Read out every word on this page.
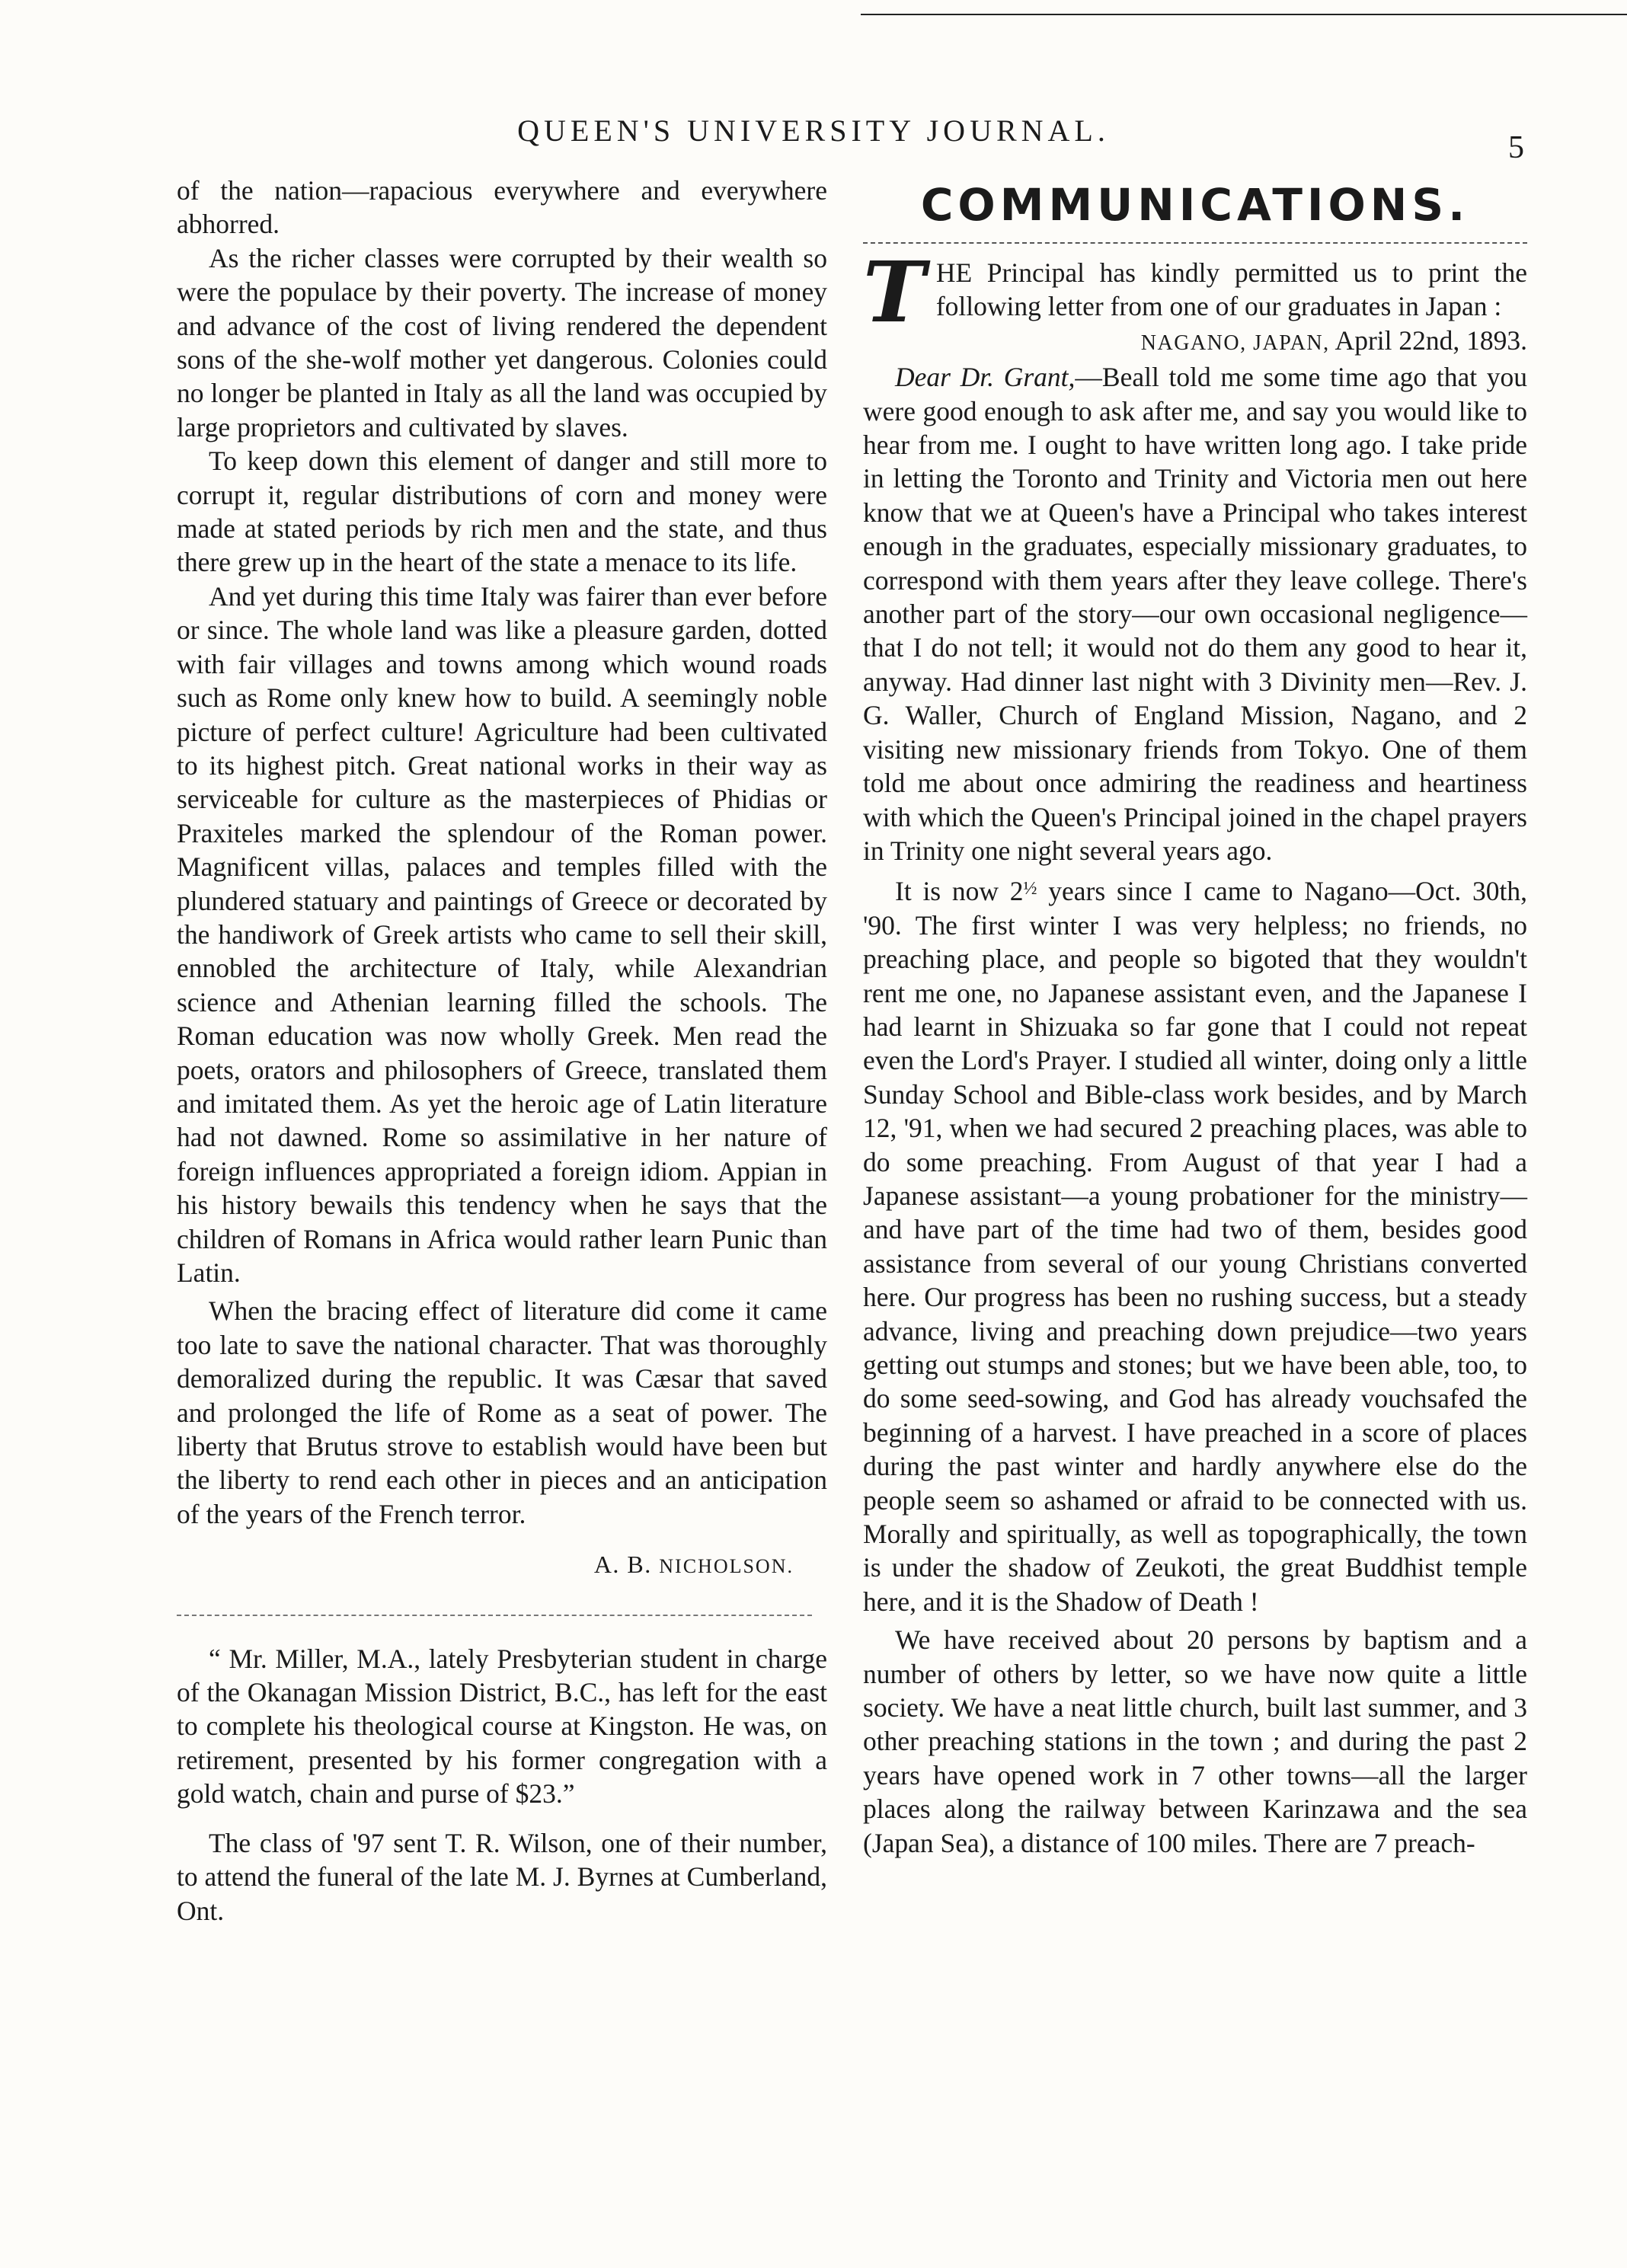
QUEEN'S UNIVERSITY JOURNAL.	5

of the nation—rapacious everywhere and everywhere abhorred.

As the richer classes were corrupted by their wealth so were the populace by their poverty. The increase of money and advance of the cost of living rendered the dependent sons of the she-wolf mother yet dangerous. Colonies could no longer be planted in Italy as all the land was occupied by large proprietors and cultivated by slaves.

To keep down this element of danger and still more to corrupt it, regular distributions of corn and money were made at stated periods by rich men and the state, and thus there grew up in the heart of the state a menace to its life.

And yet during this time Italy was fairer than ever before or since. The whole land was like a pleasure garden, dotted with fair villages and towns among which wound roads such as Rome only knew how to build. A seemingly noble picture of perfect culture! Agriculture had been cultivated to its highest pitch. Great national works in their way as serviceable for culture as the masterpieces of Phidias or Praxiteles marked the splendour of the Roman power. Magnificent villas, palaces and temples filled with the plundered statuary and paintings of Greece or decorated by the handiwork of Greek artists who came to sell their skill, ennobled the architecture of Italy, while Alexandrian science and Athenian learning filled the schools. The Roman education was now wholly Greek. Men read the poets, orators and philosophers of Greece, translated them and imitated them. As yet the heroic age of Latin literature had not dawned. Rome so assimilative in her nature of foreign influences appropriated a foreign idiom. Appian in his history bewails this tendency when he says that the children of Romans in Africa would rather learn Punic than Latin.

When the bracing effect of literature did come it came too late to save the national character. That was thoroughly demoralized during the republic. It was Cæsar that saved and prolonged the life of Rome as a seat of power. The liberty that Brutus strove to establish would have been but the liberty to rend each other in pieces and an anticipation of the years of the French terror.

A. B. NICHOLSON.

“ Mr. Miller, M.A., lately Presbyterian student in charge of the Okanagan Mission District, B.C., has left for the east to complete his theological course at Kingston. He was, on retirement, presented by his former congregation with a gold watch, chain and purse of $23.”

The class of '97 sent T. R. Wilson, one of their number, to attend the funeral of the late M. J. Byrnes at Cumberland, Ont.

COMMUNICATIONS.

THE Principal has kindly permitted us to print the following letter from one of our graduates in Japan :

NAGANO, JAPAN, April 22nd, 1893.

Dear Dr. Grant,—Beall told me some time ago that you were good enough to ask after me, and say you would like to hear from me. I ought to have written long ago. I take pride in letting the Toronto and Trinity and Victoria men out here know that we at Queen's have a Principal who takes interest enough in the graduates, especially missionary graduates, to correspond with them years after they leave college. There's another part of the story—our own occasional negligence—that I do not tell; it would not do them any good to hear it, anyway. Had dinner last night with 3 Divinity men—Rev. J. G. Waller, Church of England Mission, Nagano, and 2 visiting new missionary friends from Tokyo. One of them told me about once admiring the readiness and heartiness with which the Queen's Principal joined in the chapel prayers in Trinity one night several years ago.

It is now $2^{\frac{1}{2}}$ years since I came to Nagano—Oct. 30th, '90. The first winter I was very helpless; no friends, no preaching place, and people so bigoted that they wouldn't rent me one, no Japanese assistant even, and the Japanese I had learnt in Shizuaka so far gone that I could not repeat even the Lord's Prayer. I studied all winter, doing only a little Sunday School and Bible-class work besides, and by March 12, '91, when we had secured 2 preaching places, was able to do some preaching. From August of that year I had a Japanese assistant—a young probationer for the ministry—and have part of the time had two of them, besides good assistance from several of our young Christians converted here. Our progress has been no rushing success, but a steady advance, living and preaching down prejudice—two years getting out stumps and stones; but we have been able, too, to do some seed-sowing, and God has already vouchsafed the beginning of a harvest. I have preached in a score of places during the past winter and hardly anywhere else do the people seem so ashamed or afraid to be connected with us. Morally and spiritually, as well as topographically, the town is under the shadow of Zeukoti, the great Buddhist temple here, and it is the Shadow of Death !

We have received about 20 persons by baptism and a number of others by letter, so we have now quite a little society. We have a neat little church, built last summer, and 3 other preaching stations in the town ; and during the past 2 years have opened work in 7 other towns—all the larger places along the railway between Karinzawa and the sea (Japan Sea), a distance of 100 miles. There are 7 preach-
